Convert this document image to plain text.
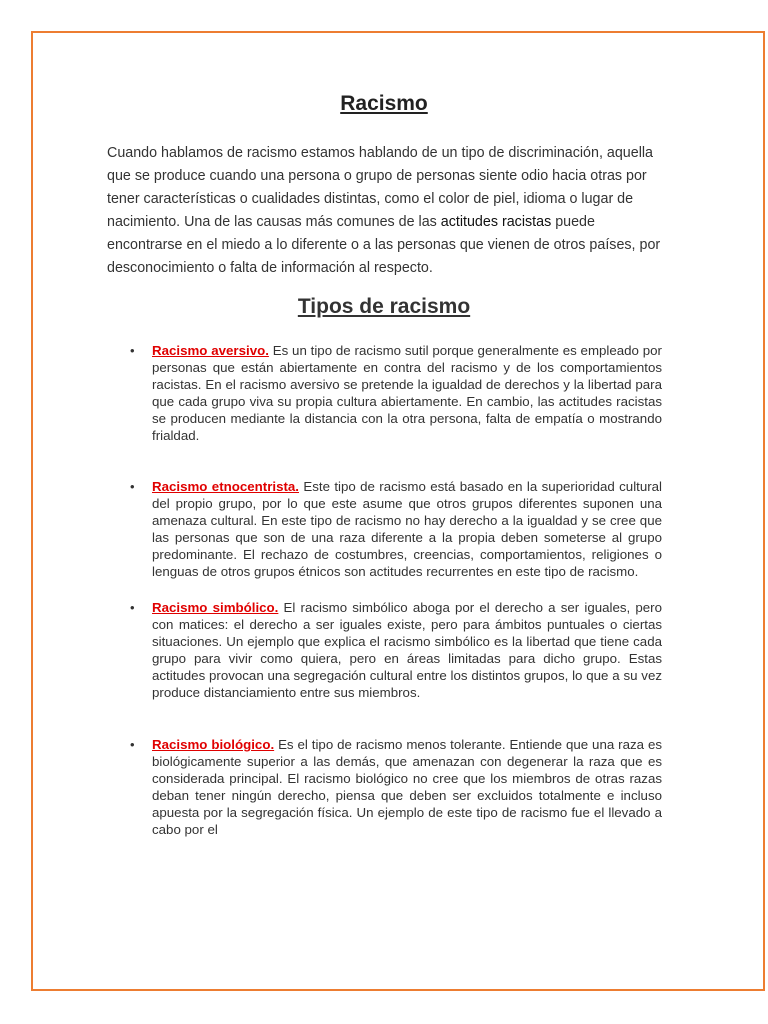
Racismo

Cuando hablamos de racismo estamos hablando de un tipo de discriminación, aquella que se produce cuando una persona o grupo de personas siente odio hacia otras por tener características o cualidades distintas, como el color de piel, idioma o lugar de nacimiento. Una de las causas más comunes de las actitudes racistas puede encontrarse en el miedo a lo diferente o a las personas que vienen de otros países, por desconocimiento o falta de información al respecto.

Tipos de racismo
• Racismo aversivo. Es un tipo de racismo sutil porque generalmente es empleado por personas que están abiertamente en contra del racismo y de los comportamientos racistas. En el racismo aversivo se pretende la igualdad de derechos y la libertad para que cada grupo viva su propia cultura abiertamente. En cambio, las actitudes racistas se producen mediante la distancia con la otra persona, falta de empatía o mostrando frialdad.
• Racismo etnocentrista. Este tipo de racismo está basado en la superioridad cultural del propio grupo, por lo que este asume que otros grupos diferentes suponen una amenaza cultural. En este tipo de racismo no hay derecho a la igualdad y se cree que las personas que son de una raza diferente a la propia deben someterse al grupo predominante. El rechazo de costumbres, creencias, comportamientos, religiones o lenguas de otros grupos étnicos son actitudes recurrentes en este tipo de racismo.
• Racismo simbólico. El racismo simbólico aboga por el derecho a ser iguales, pero con matices: el derecho a ser iguales existe, pero para ámbitos puntuales o ciertas situaciones. Un ejemplo que explica el racismo simbólico es la libertad que tiene cada grupo para vivir como quiera, pero en áreas limitadas para dicho grupo. Estas actitudes provocan una segregación cultural entre los distintos grupos, lo que a su vez produce distanciamiento entre sus miembros.
• Racismo biológico. Es el tipo de racismo menos tolerante. Entiende que una raza es biológicamente superior a las demás, que amenazan con degenerar la raza que es considerada principal. El racismo biológico no cree que los miembros de otras razas deban tener ningún derecho, piensa que deben ser excluidos totalmente e incluso apuesta por la segregación física. Un ejemplo de este tipo de racismo fue el llevado a cabo por el
